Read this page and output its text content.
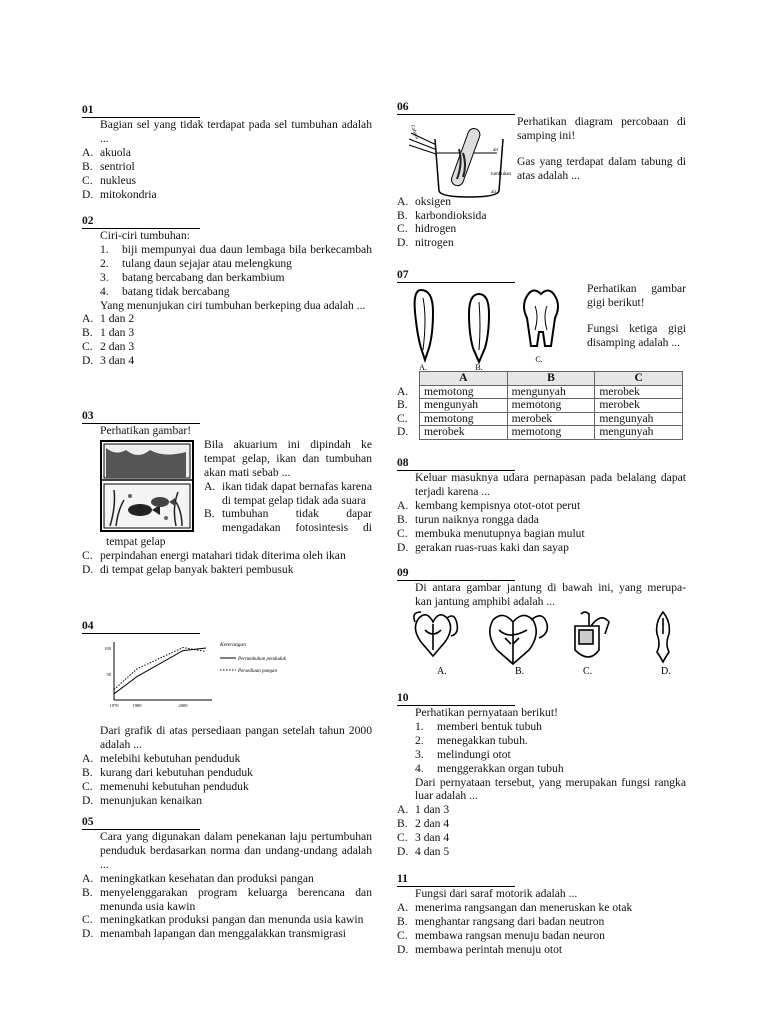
01
Bagian sel yang tidak terdapat pada sel tumbuhan adalah ...
A. akuola
B. sentriol
C. nukleus
D. mitokondria
02
Ciri-ciri tumbuhan:
1.	biji mempunyai dua daun lembaga bila berkecambah
2.	tulang daun sejajar atau melengkung
3.	batang bercabang dan berkambium
4.	batang tidak bercabang
Yang menunjukan ciri tumbuhan berkeping dua adalah ...
A. 1 dan 2
B. 1 dan 3
C. 2 dan 3
D. 3 dan 4
03
Perhatikan gambar!
Bila akuarium ini dipindah ke tempat gelap, ikan dan tumbuhan akan mati sebab ...
A. ikan tidak dapat bernafas karena di tempat gelap tidak ada suara
B. tumbuhan tidak dapar mengadakan fotosintesis di
tempat gelap
C. perpindahan energi matahari tidak diterima oleh ikan
D. di tempat gelap banyak bakteri pembusuk
04
100
50
1970	1980	2000
Keterangan
Pertumbuhan penduduk
Persediaan pangan
Dari grafik di atas persediaan pangan setelah tahun 2000 adalah ...
A. melebihi kebutuhan penduduk
B. kurang dari kebutuhan penduduk
C. memenuhi kebutuhan penduduk
D. menunjukan kenaikan
05
Cara yang digunakan dalam penekanan laju pertumbuhan penduduk berdasarkan norma dan undang-undang adalah ...
A. meningkatkan kesehatan dan produksi pangan
B. menyelenggarakan program keluarga berencana dan menunda usia kawin
C. meningkatkan produksi pangan dan menunda usia kawin
D. menambah lapangan dan menggalakkan transmigrasi
06
Cahaya
air
tumbuhan
air
Perhatikan diagram percobaan di samping ini!
Gas yang terdapat dalam tabung di atas adalah ...
A. oksigen
B. karbondioksida
C. hidrogen
D. nitrogen
07
A.	B.
C.
Perhatikan gambar gigi berikut!
Fungsi ketiga gigi disamping adalah ...
	A	B	C
A.	memotong	mengunyah	merobek
B.	mengunyah	memotong	merobek
C.	memotong	merobek	mengunyah
D.	merobek	memotong	mengunyah
08
Keluar masuknya udara pernapasan pada belalang dapat terjadi karena ...
A. kembang kempisnya otot-otot perut
B. turun naiknya rongga dada
C. membuka menutupnya bagian mulut
D. gerakan ruas-ruas kaki dan sayap
09
Di antara gambar jantung di bawah ini, yang merupa-
kan jantung amphibi adalah ...
A.	B.	C.	D.
10
Perhatikan pernyataan berikut!
1.	memberi bentuk tubuh
2.	menegakkan tubuh.
3.	melindungi otot
4.	menggerakkan organ tubuh
Dari pernyataan tersebut, yang merupakan fungsi rangka luar adalah ...
A. 1 dan 3
B. 2 dan 4
C. 3 dan 4
D. 4 dan 5
11
Fungsi dari saraf motorik adalah ...
A. menerima rangsangan dan meneruskan ke otak
B. menghantar rangsang dari badan neutron
C. membawa rangsan menuju badan neuron
D. membawa perintah menuju otot
